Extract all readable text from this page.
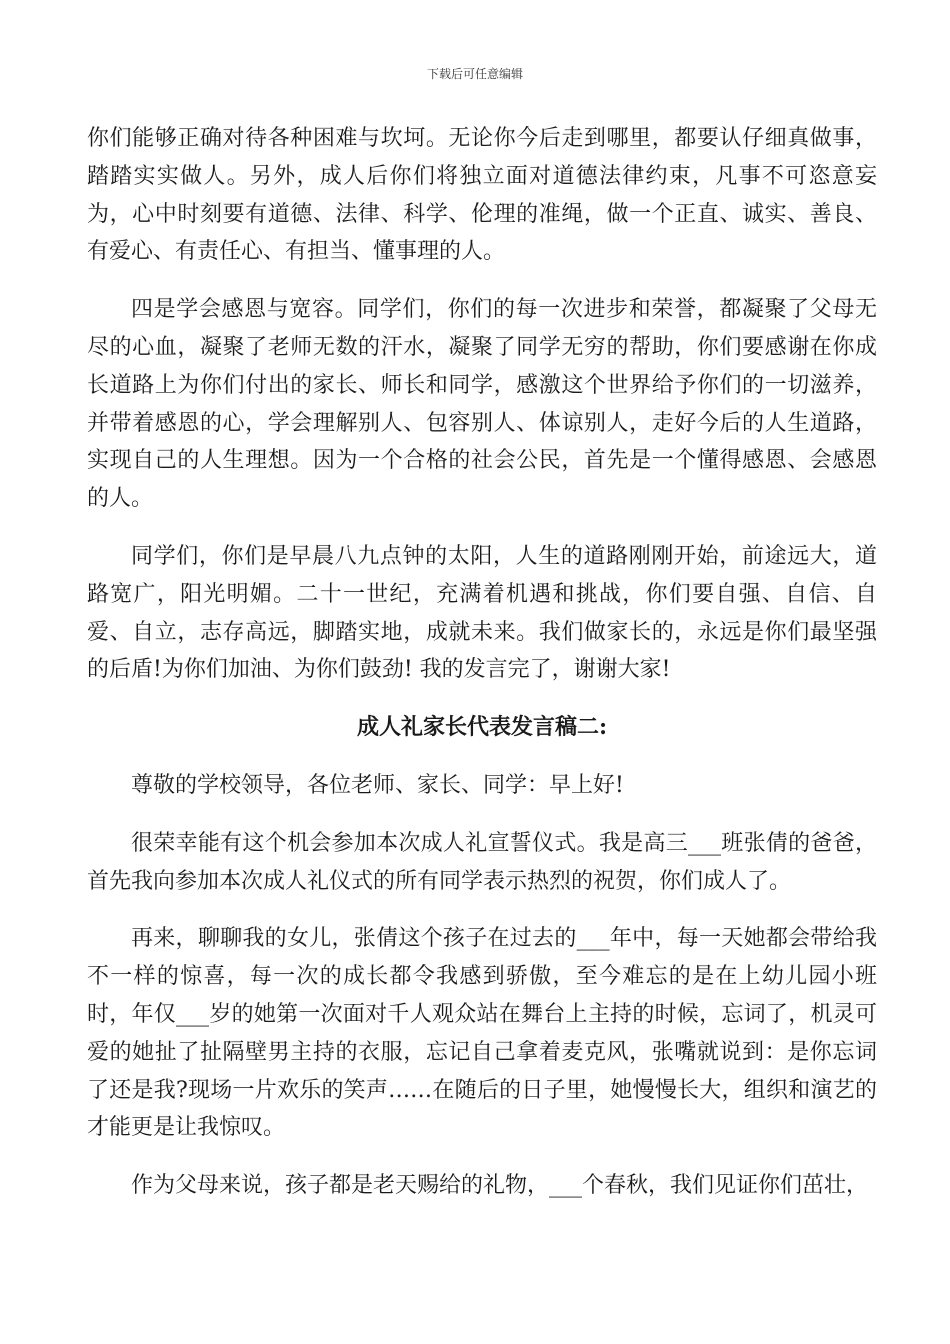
下载后可任意编辑

你们能够正确对待各种困难与坎坷。无论你今后走到哪里，都要认仔细真做事，踏踏实实做人。另外，成人后你们将独立面对道德法律约束，凡事不可恣意妄为，心中时刻要有道德、法律、科学、伦理的准绳，做一个正直、诚实、善良、有爱心、有责任心、有担当、懂事理的人。

四是学会感恩与宽容。同学们，你们的每一次进步和荣誉，都凝聚了父母无尽的心血，凝聚了老师无数的汗水，凝聚了同学无穷的帮助，你们要感谢在你成长道路上为你们付出的家长、师长和同学，感激这个世界给予你们的一切滋养，并带着感恩的心，学会理解别人、包容别人、体谅别人，走好今后的人生道路，实现自己的人生理想。因为一个合格的社会公民，首先是一个懂得感恩、会感恩的人。

同学们，你们是早晨八九点钟的太阳，人生的道路刚刚开始，前途远大，道路宽广，阳光明媚。二十一世纪，充满着机遇和挑战，你们要自强、自信、自爱、自立，志存高远，脚踏实地，成就未来。我们做家长的，永远是你们最坚强的后盾!为你们加油、为你们鼓劲! 我的发言完了，谢谢大家!

成人礼家长代表发言稿二:

尊敬的学校领导，各位老师、家长、同学：早上好!

很荣幸能有这个机会参加本次成人礼宣誓仪式。我是高三___班张倩的爸爸，首先我向参加本次成人礼仪式的所有同学表示热烈的祝贺，你们成人了。

再来，聊聊我的女儿，张倩这个孩子在过去的___年中，每一天她都会带给我不一样的惊喜，每一次的成长都令我感到骄傲，至今难忘的是在上幼儿园小班时，年仅___岁的她第一次面对千人观众站在舞台上主持的时候，忘词了，机灵可爱的她扯了扯隔壁男主持的衣服，忘记自己拿着麦克风，张嘴就说到：是你忘词了还是我?现场一片欢乐的笑声……在随后的日子里，她慢慢长大，组织和演艺的才能更是让我惊叹。

作为父母来说，孩子都是老天赐给的礼物，___个春秋，我们见证你们茁壮，
